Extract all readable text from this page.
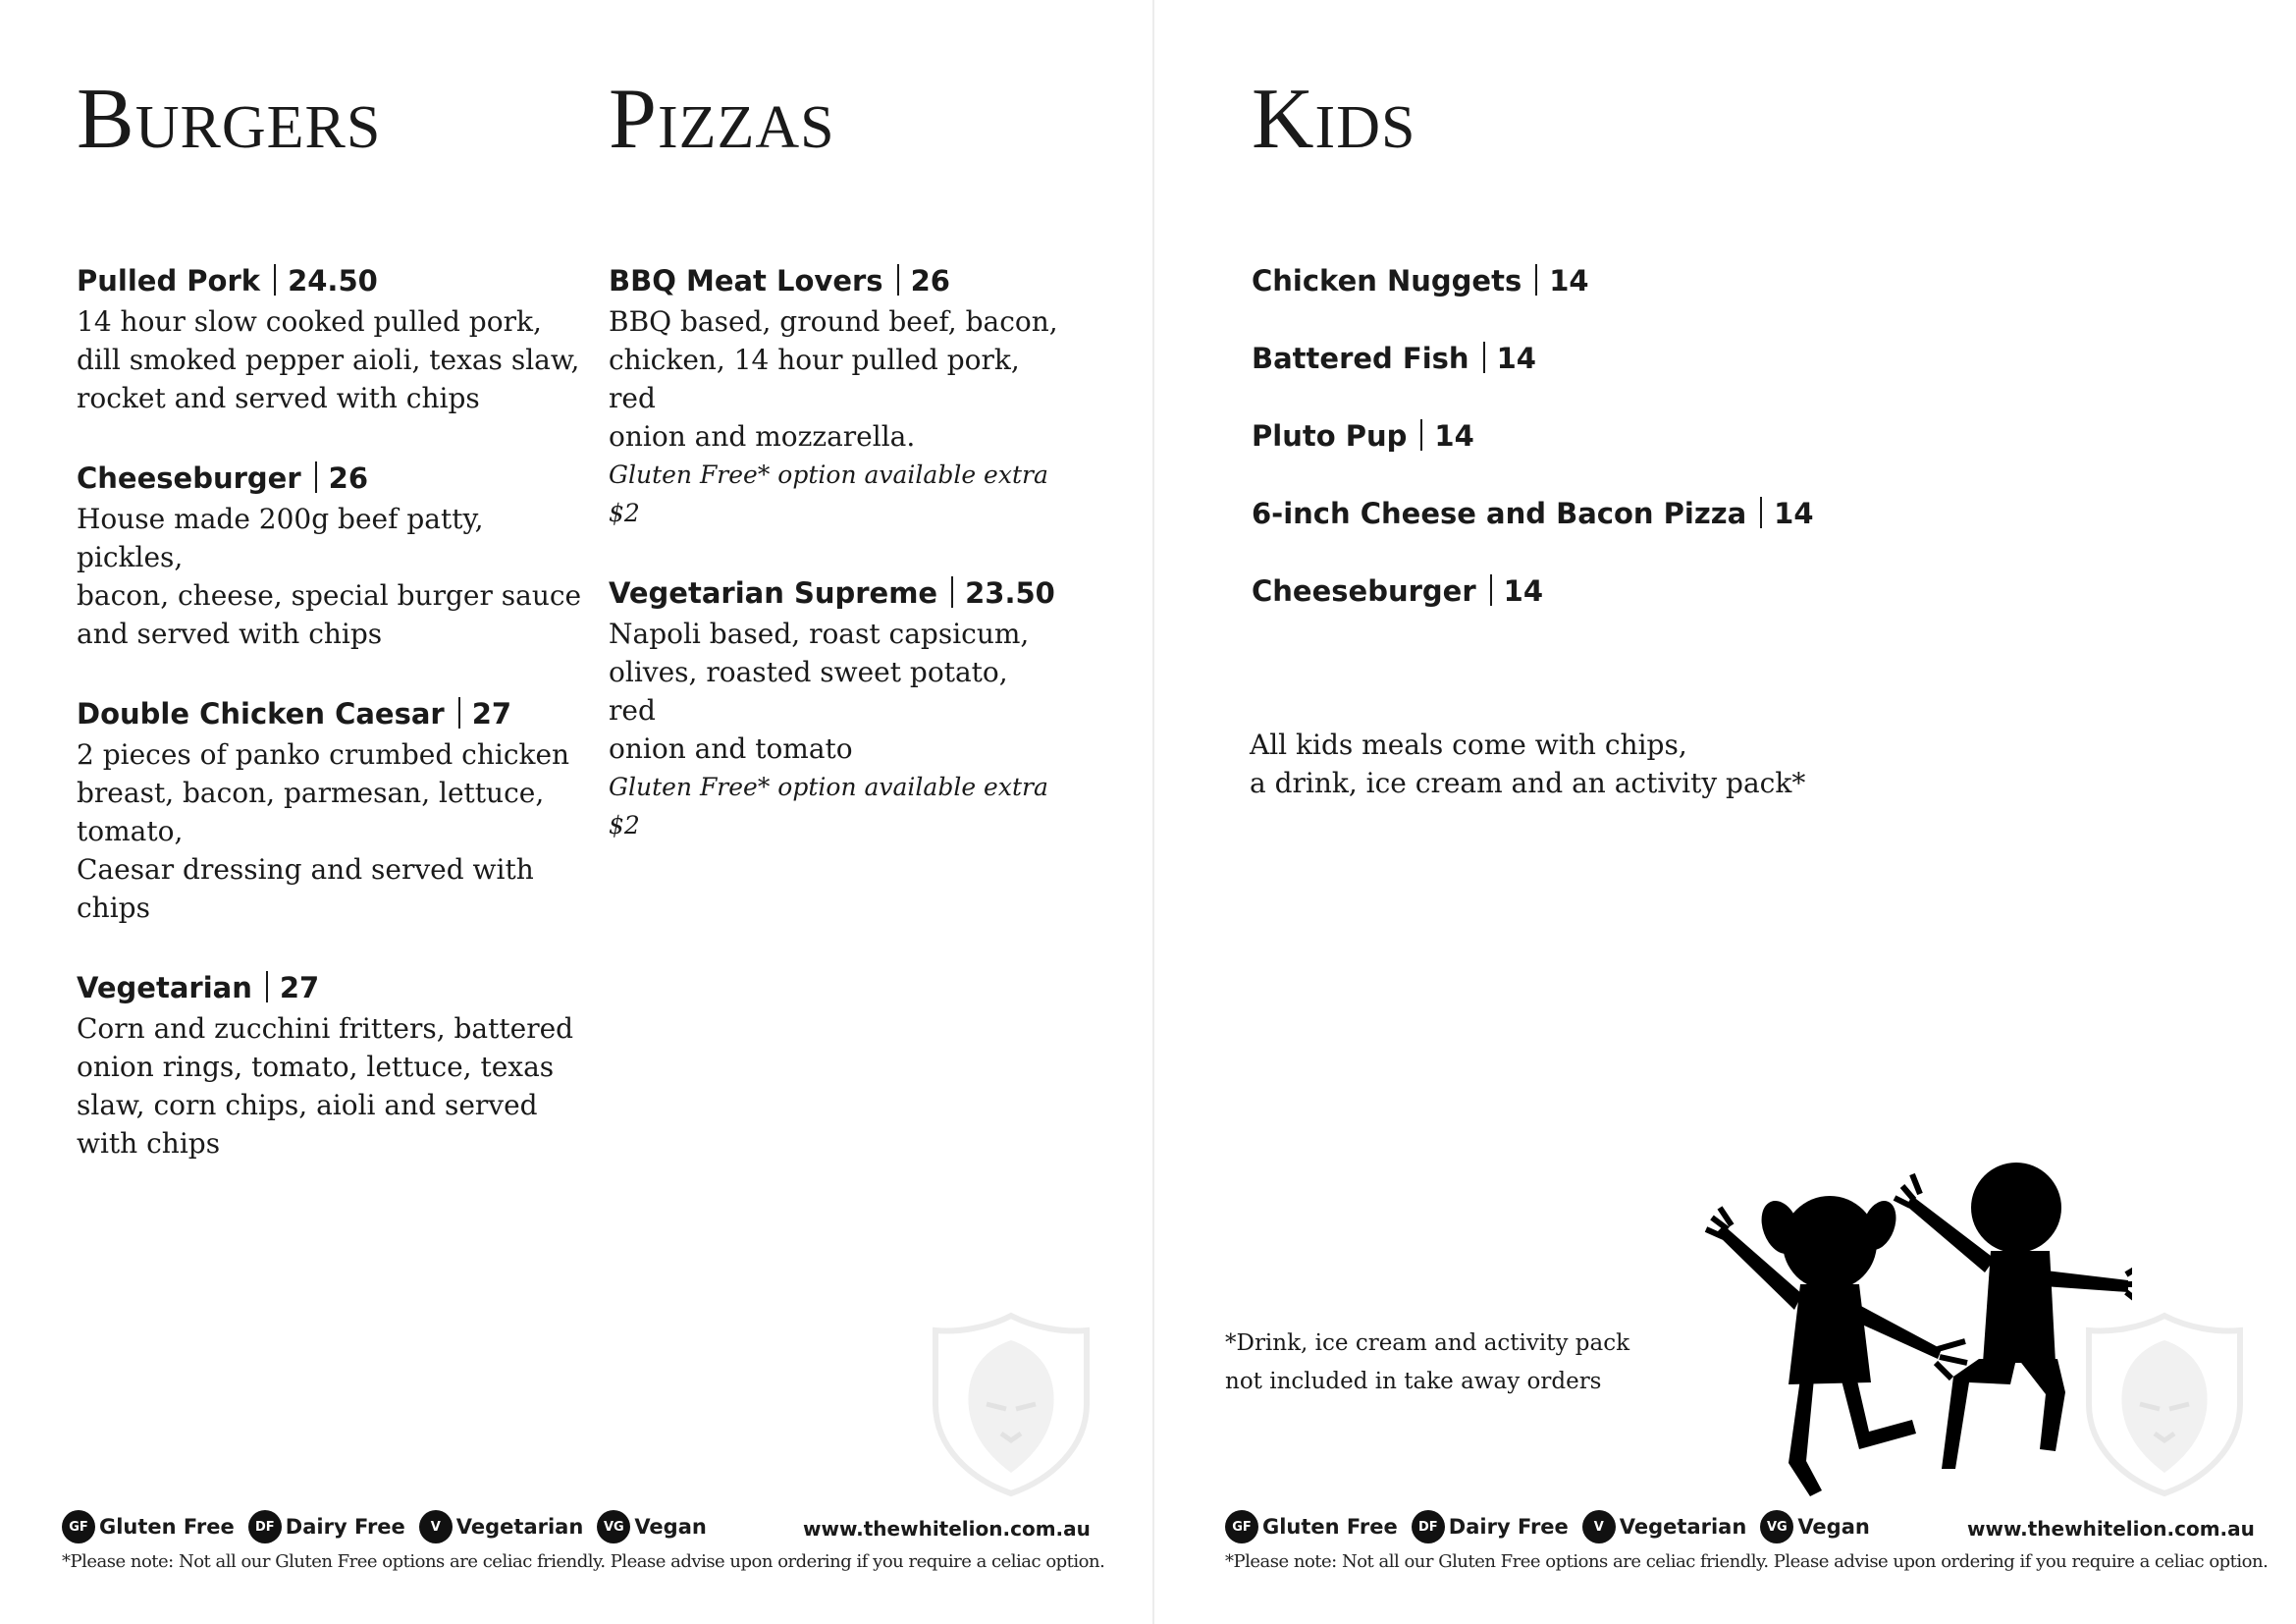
Burgers	Pizzas
Pulled Pork 24.50
14 hour slow cooked pulled pork,
dill smoked pepper aioli, texas slaw,
rocket and served with chips
Cheeseburger 26
House made 200g beef patty, pickles,
bacon, cheese, special burger sauce
and served with chips
Double Chicken Caesar 27
2 pieces of panko crumbed chicken
breast, bacon, parmesan, lettuce, tomato,
Caesar dressing and served with chips
Vegetarian 27
Corn and zucchini fritters, battered
onion rings, tomato, lettuce, texas
slaw, corn chips, aioli and served
with chips
BBQ Meat Lovers 26
BBQ based, ground beef, bacon,
chicken, 14 hour pulled pork, red
onion and mozzarella.
Gluten Free* option available extra $2
Vegetarian Supreme 23.50
Napoli based, roast capsicum,
olives, roasted sweet potato, red
onion and tomato
Gluten Free* option available extra $2
GF Gluten Free	DF Dairy Free	V Vegetarian	VG Vegan	www.thewhitelion.com.au
*Please note: Not all our Gluten Free options are celiac friendly. Please advise upon ordering if you require a celiac option.
Kids
Chicken Nuggets 14
Battered Fish 14
Pluto Pup 14
6-inch Cheese and Bacon Pizza 14
Cheeseburger 14
All kids meals come with chips,
a drink, ice cream and an activity pack*
*Drink, ice cream and activity pack
not included in take away orders
GF Gluten Free	DF Dairy Free	V Vegetarian	VG Vegan	www.thewhitelion.com.au
*Please note: Not all our Gluten Free options are celiac friendly. Please advise upon ordering if you require a celiac option.
